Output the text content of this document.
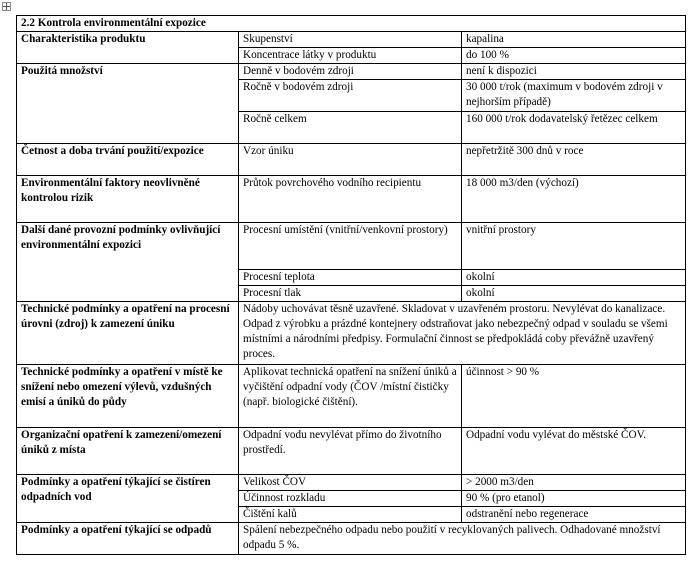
2.2 Kontrola environmentální expozice		
Charakteristika produktu	Skupenství	kapalina
	Koncentrace látky v produktu	do 100 %
Použitá množství	Denně v bodovém zdroji	není k dispozici
	Ročně v bodovém zdroji	30 000 t/rok (maximum v bodovém zdroji v nejhorším případě)
	Ročně celkem	160 000 t/rok dodavatelský řetězec celkem
Četnost a doba trvání použití/expozice	Vzor úniku	nepřetržitě 300 dnů v roce
Environmentální faktory neovlivněné kontrolou rizik	Průtok povrchového vodního recipientu	18 000 m3/den (výchozí)
Další dané provozní podmínky ovlivňující environmentální expozici	Procesní umístění (vnitřní/venkovní prostory)	vnitřní prostory
	Procesní teplota	okolní
	Procesní tlak	okolní
Technické podmínky a opatření na procesní úrovni (zdroj) k zamezení úniku	Nádoby uchovávat těsně uzavřené. Skladovat v uzavřeném prostoru. Nevylévat do kanalizace. Odpad z výrobku a prázdné kontejnery odstraňovat jako nebezpečný odpad v souladu se všemi místními a národními předpisy. Formulační činnost se předpokládá coby převážně uzavřený proces.	
Technické podmínky a opatření v místě ke snížení nebo omezení výlevů, vzdušných emisí a úniků do půdy	Aplikovat technická opatření na snížení úniků a vyčištění odpadní vody (ČOV /místní čističky (např. biologické čištění).	účinnost > 90 %
Organizační opatření k zamezení/omezení úniků z místa	Odpadní vodu nevylévat přímo do životního prostředí.	Odpadní vodu vylévat do městské ČOV.
Podmínky a opatření týkající se čistíren odpadních vod	Velikost ČOV	> 2000 m3/den
	Účinnost rozkladu	90 % (pro etanol)
	Čištění kalů	odstranění nebo regenerace
Podmínky a opatření týkající se odpadů	Spálení nebezpečného odpadu nebo použití v recyklovaných palivech. Odhadované množství odpadu 5 %.	
